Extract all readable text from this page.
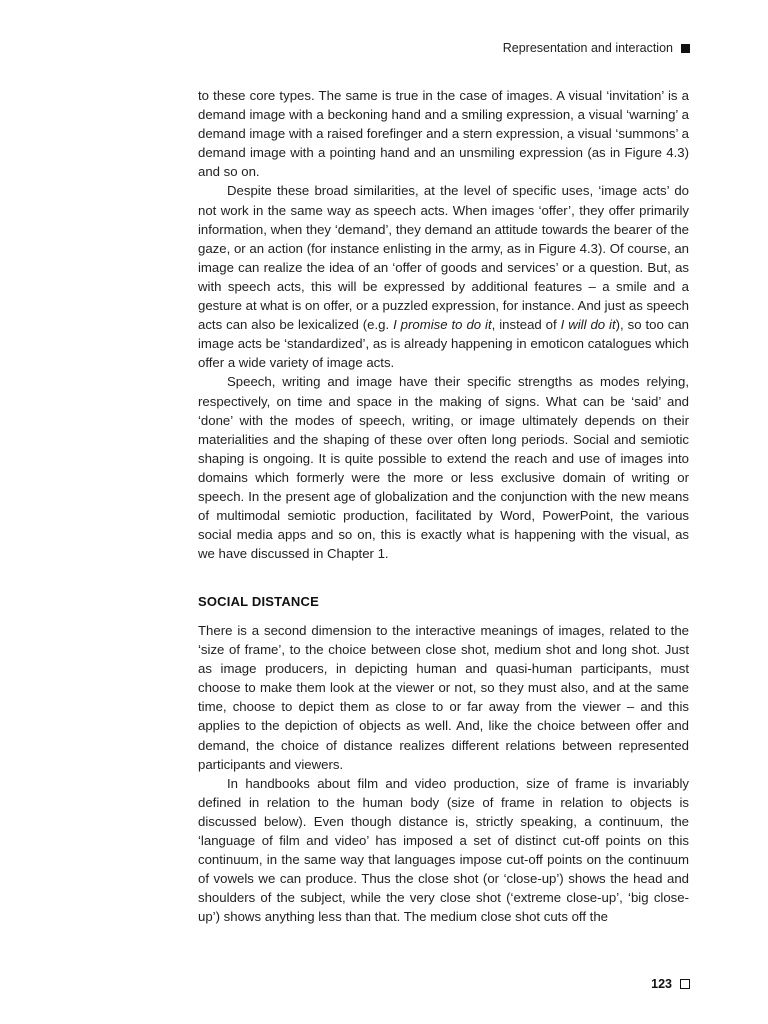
Representation and interaction

to these core types. The same is true in the case of images. A visual ‘invitation’ is a demand image with a beckoning hand and a smiling expression, a visual ‘warning’ a demand image with a raised forefinger and a stern expression, a visual ‘summons’ a demand image with a pointing hand and an unsmiling expression (as in Figure 4.3) and so on.

Despite these broad similarities, at the level of specific uses, ‘image acts’ do not work in the same way as speech acts. When images ‘offer’, they offer primarily information, when they ‘demand’, they demand an attitude towards the bearer of the gaze, or an action (for instance enlisting in the army, as in Figure 4.3). Of course, an image can realize the idea of an ‘offer of goods and services’ or a question. But, as with speech acts, this will be expressed by additional features – a smile and a gesture at what is on offer, or a puzzled expression, for instance. And just as speech acts can also be lexicalized (e.g. I promise to do it, instead of I will do it), so too can image acts be ‘standardized’, as is already happening in emoticon catalogues which offer a wide variety of image acts.

Speech, writing and image have their specific strengths as modes relying, respectively, on time and space in the making of signs. What can be ‘said’ and ‘done’ with the modes of speech, writing, or image ultimately depends on their materialities and the shaping of these over often long periods. Social and semiotic shaping is ongoing. It is quite possible to extend the reach and use of images into domains which formerly were the more or less exclusive domain of writing or speech. In the present age of globalization and the conjunction with the new means of multimodal semiotic production, facilitated by Word, PowerPoint, the various social media apps and so on, this is exactly what is happening with the visual, as we have discussed in Chapter 1.

SOCIAL DISTANCE

There is a second dimension to the interactive meanings of images, related to the ‘size of frame’, to the choice between close shot, medium shot and long shot. Just as image producers, in depicting human and quasi-human participants, must choose to make them look at the viewer or not, so they must also, and at the same time, choose to depict them as close to or far away from the viewer – and this applies to the depiction of objects as well. And, like the choice between offer and demand, the choice of distance realizes different relations between represented participants and viewers.

In handbooks about film and video production, size of frame is invariably defined in relation to the human body (size of frame in relation to objects is discussed below). Even though distance is, strictly speaking, a continuum, the ‘language of film and video’ has imposed a set of distinct cut-off points on this continuum, in the same way that languages impose cut-off points on the continuum of vowels we can produce. Thus the close shot (or ‘close-up’) shows the head and shoulders of the subject, while the very close shot (‘extreme close-up’, ‘big close-up’) shows anything less than that. The medium close shot cuts off the

123
